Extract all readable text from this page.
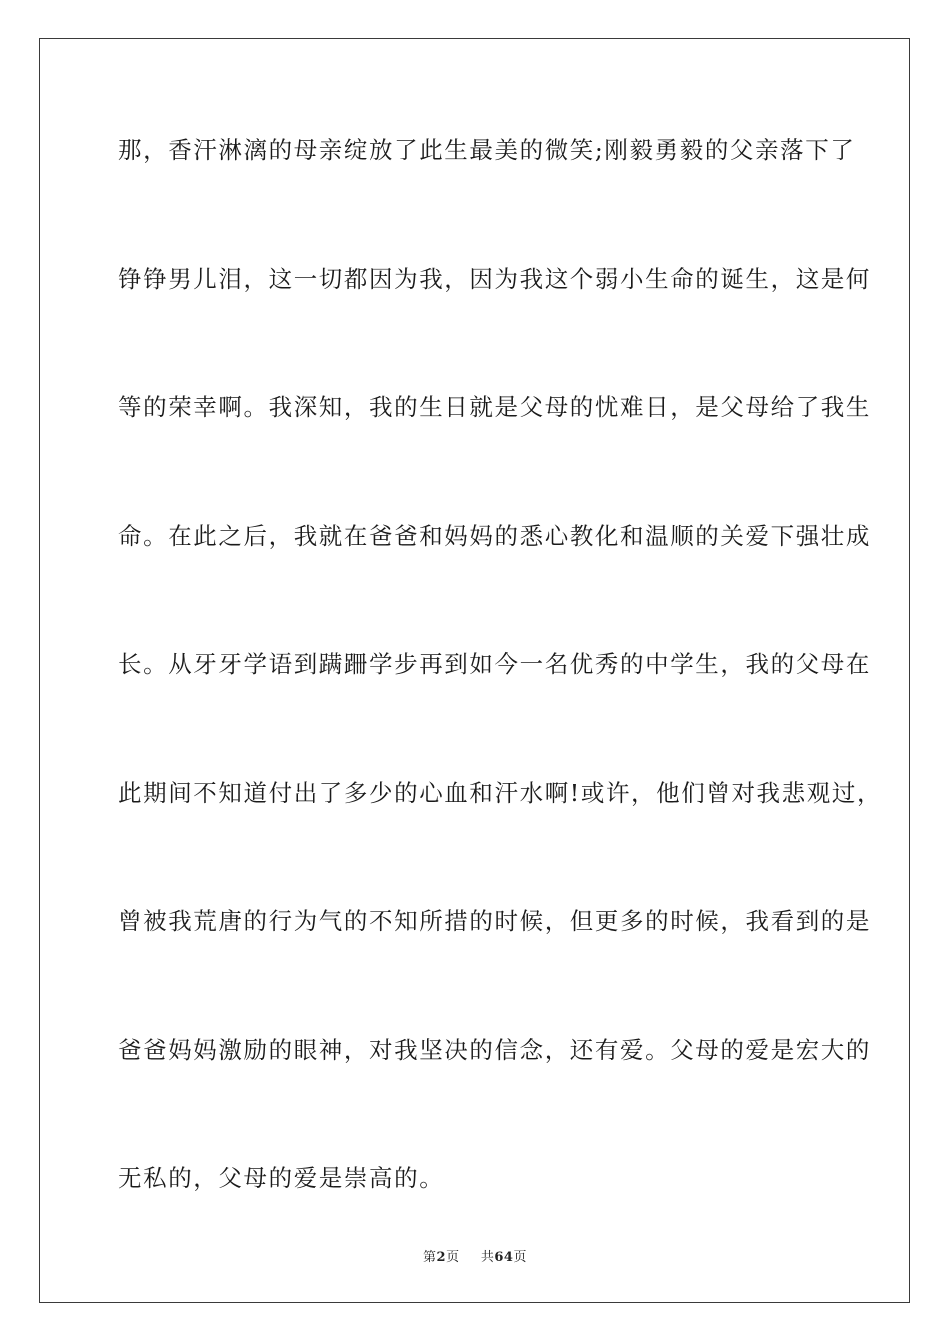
那，香汗淋漓的母亲绽放了此生最美的微笑;刚毅勇毅的父亲落下了
铮铮男儿泪，这一切都因为我，因为我这个弱小生命的诞生，这是何
等的荣幸啊。我深知，我的生日就是父母的忧难日，是父母给了我生
命。在此之后，我就在爸爸和妈妈的悉心教化和温顺的关爱下强壮成
长。从牙牙学语到蹒跚学步再到如今一名优秀的中学生，我的父母在
此期间不知道付出了多少的心血和汗水啊!或许，他们曾对我悲观过，
曾被我荒唐的行为气的不知所措的时候，但更多的时候，我看到的是
爸爸妈妈激励的眼神，对我坚决的信念，还有爱。父母的爱是宏大的
无私的，父母的爱是崇高的。
第2页 共64页
